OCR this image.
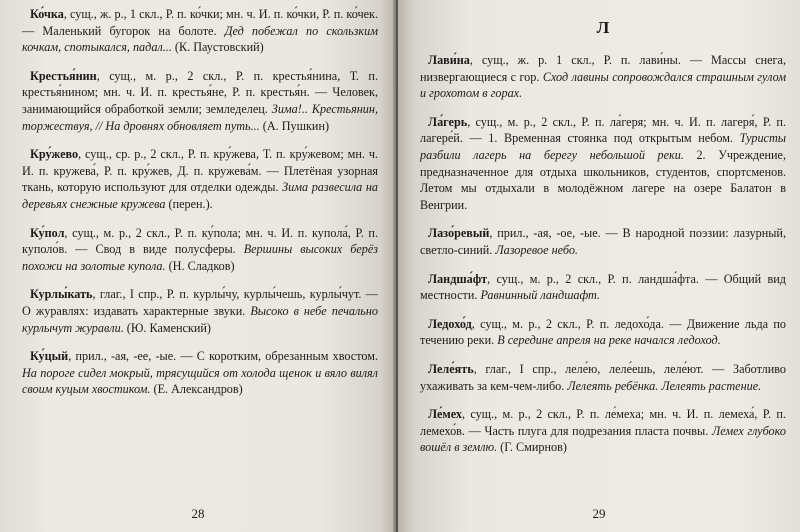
Ко́чка, сущ., ж. р., 1 скл., Р. п. ко́чки; мн. ч. И. п. ко́чки, Р. п. ко́чек. — Маленький бугорок на болоте. Дед побежал по скользким кочкам, спотыкался, падал... (К. Паустовский)
Крестья́нин, сущ., м. р., 2 скл., Р. п. крестья́нина, Т. п. крестья́нином; мн. ч. И. п. крестья́не, Р. п. крестья́н. — Человек, занимающийся обработкой земли; земледелец. Зима!.. Крестьянин, торжествуя, // На дровнях обновляет путь... (А. Пушкин)
Кру́жево, сущ., ср. р., 2 скл., Р. п. кру́жева, Т. п. кру́жевом; мн. ч. И. п. кружева́, Р. п. кру́жев, Д. п. кружева́м. — Плетёная узорная ткань, которую используют для отделки одежды. Зима развесила на деревьях снежные кружева (перен.).
Ку́пол, сущ., м. р., 2 скл., Р. п. ку́пола; мн. ч. И. п. купола́, Р. п. куполо́в. — Свод в виде полусферы. Вершины высоких берёз похожи на золотые купола. (Н. Сладков)
Курлы́кать, глаг., I спр., Р. п. курлы́чу, курлы́чешь, курлы́чут. — О журавлях: издавать характерные звуки. Высоко в небе печально курлычут журавли. (Ю. Каменский)
Ку́цый, прил., -ая, -ее, -ые. — С коротким, обрезанным хвостом. На пороге сидел мокрый, трясущийся от холода щенок и вяло вилял своим куцым хвостиком. (Е. Александров)
28
Л
Лави́на, сущ., ж. р. 1 скл., Р. п. лави́ны. — Массы снега, низвергающиеся с гор. Сход лавины сопровождался страшным гулом и грохотом в горах.
Ла́герь, сущ., м. р., 2 скл., Р. п. ла́геря; мн. ч. И. п. лагеря́, Р. п. лагере́й. — 1. Временная стоянка под открытым небом. Туристы разбили лагерь на берегу небольшой реки. 2. Учреждение, предназначенное для отдыха школьников, студентов, спортсменов. Летом мы отдыхали в молодёжном лагере на озере Балатон в Венгрии.
Лазо́ревый, прил., -ая, -ое, -ые. — В народной поэзии: лазурный, светло-синий. Лазоревое небо.
Ландша́фт, сущ., м. р., 2 скл., Р. п. ландша́фта. — Общий вид местности. Равнинный ландшафт.
Ледохо́д, сущ., м. р., 2 скл., Р. п. ледохо́да. — Движение льда по течению реки. В середине апреля на реке начался ледоход.
Леле́ять, глаг., I спр., леле́ю, леле́ешь, леле́ют. — Заботливо ухаживать за кем-чем-либо. Лелеять ребёнка. Лелеять растение.
Ле́мех, сущ., м. р., 2 скл., Р. п. ле́мехa; мн. ч. И. п. лемеха́, Р. п. лемехо́в. — Часть плуга для подрезания пласта почвы. Лемех глубоко вошёл в землю. (Г. Смирнов)
29
